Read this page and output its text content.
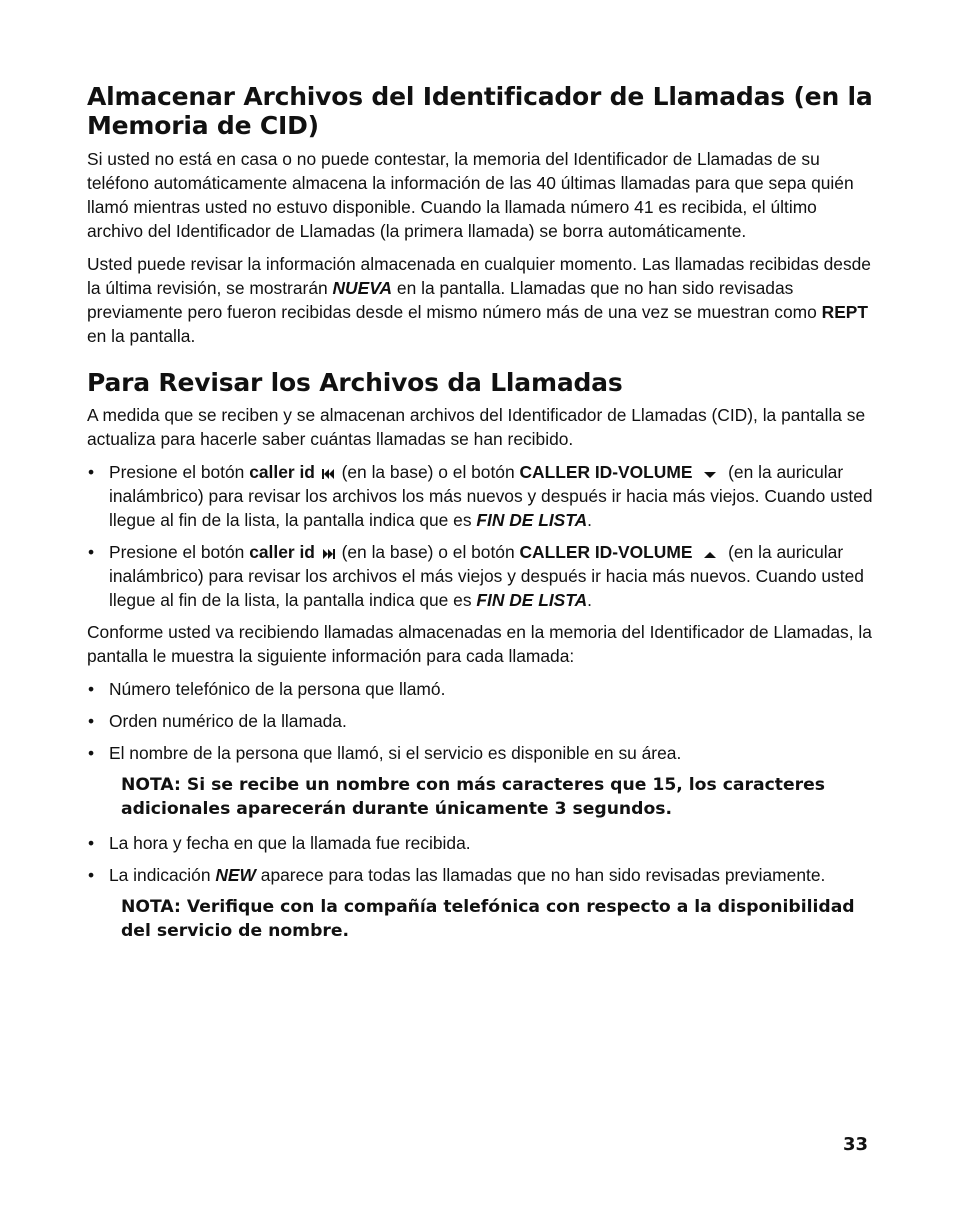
Almacenar Archivos del Identificador de Llamadas (en la Memoria de CID)

Si usted no está en casa o no puede contestar, la memoria del Identificador de Llamadas de su teléfono automáticamente almacena la información de las 40 últimas llamadas para que sepa quién llamó mientras usted no estuvo disponible. Cuando la llamada número 41 es recibida, el último archivo del Identificador de Llamadas (la primera llamada) se borra automáticamente.

Usted puede revisar la información almacenada en cualquier momento. Las llamadas recibidas desde la última revisión, se mostrarán NUEVA en la pantalla. Llamadas que no han sido revisadas previamente pero fueron recibidas desde el mismo número más de una vez se muestran como REPT en la pantalla.

Para Revisar los Archivos da Llamadas

A medida que se reciben y se almacenan archivos del Identificador de Llamadas (CID), la pantalla se actualiza para hacerle saber cuántas llamadas se han recibido.

• Presione el botón caller id  (en la base) o el botón CALLER ID-VOLUME  (en la auricular inalámbrico) para revisar los archivos los más nuevos y después ir hacia más viejos. Cuando usted llegue al fin de la lista, la pantalla indica que es FIN DE LISTA.
• Presione el botón caller id  (en la base) o el botón CALLER ID-VOLUME  (en la auricular inalámbrico) para revisar los archivos el más viejos y después ir hacia más nuevos. Cuando usted llegue al fin de la lista, la pantalla indica que es FIN DE LISTA.

Conforme usted va recibiendo llamadas almacenadas en la memoria del Identificador de Llamadas, la pantalla le muestra la siguiente información para cada llamada:

• Número telefónico de la persona que llamó.
• Orden numérico de la llamada.
• El nombre de la persona que llamó, si el servicio es disponible en su área.
NOTA: Si se recibe un nombre con más caracteres que 15, los caracteres adicionales aparecerán durante únicamente 3 segundos.
• La hora y fecha en que la llamada fue recibida.
• La indicación NEW aparece para todas las llamadas que no han sido revisadas previamente.
NOTA: Verifique con la compañía telefónica con respecto a la disponibilidad del servicio de nombre.
33
